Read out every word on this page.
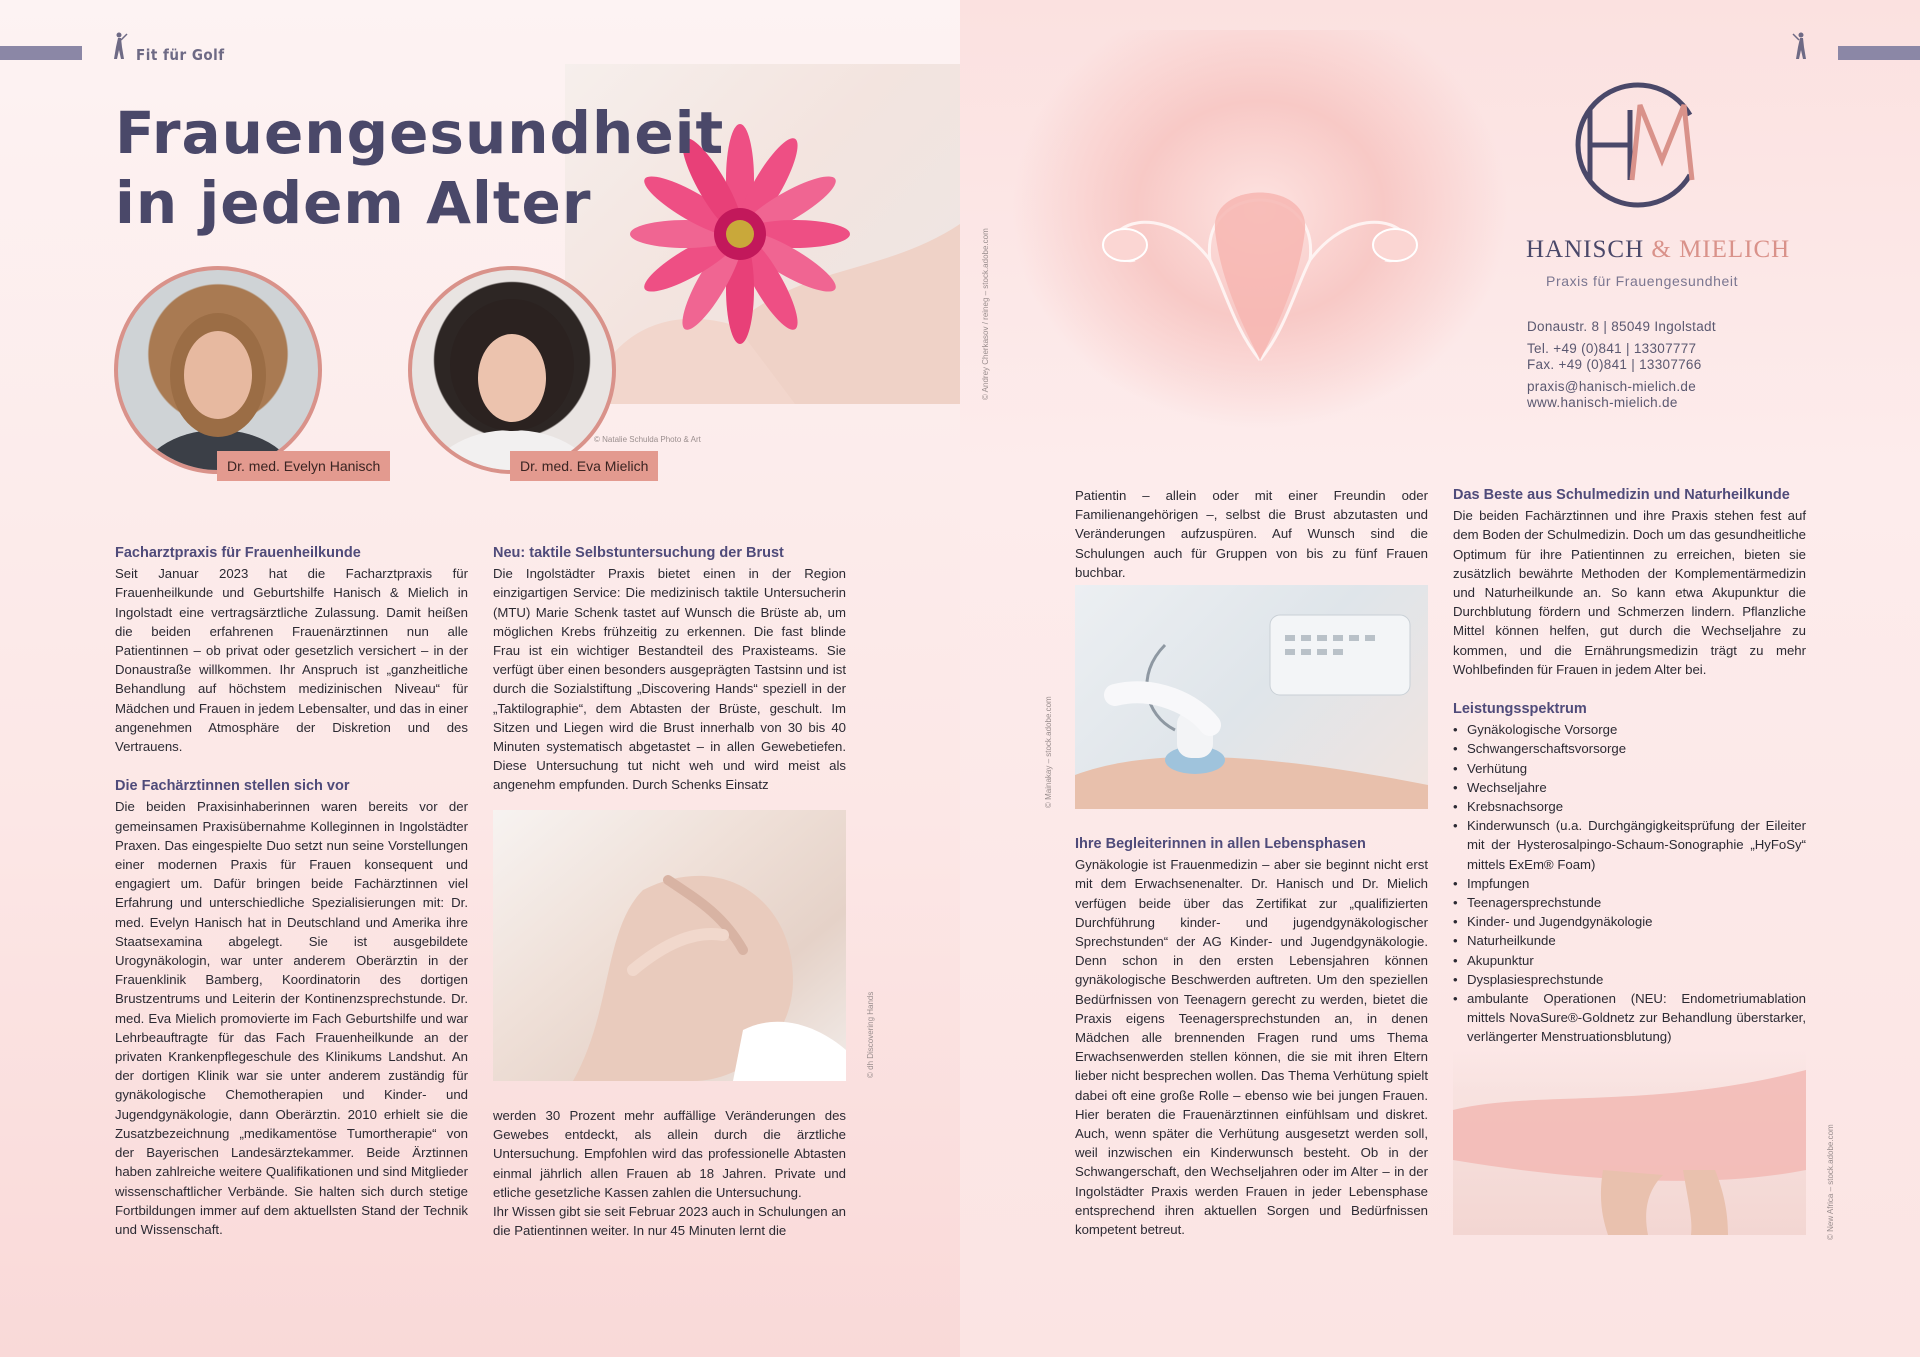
Fit für Golf
Frauengesundheit
in jedem Alter
Dr. med. Evelyn Hanisch	Dr. med. Eva Mielich
© Natalie Schulda Photo & Art
© Andrey Cherkasov / reineg – stock.adobe.com	HANISCH & MIELICH
Praxis für Frauengesundheit
Donaustr. 8 | 85049 Ingolstadt
Tel. +49 (0)841 | 13307777
Fax. +49 (0)841 | 13307766
praxis@hanisch-mielich.de
www.hanisch-mielich.de
Facharztpraxis für Frauenheilkunde

Seit Januar 2023 hat die Facharztpraxis für Frauenheilkunde und Geburtshilfe Hanisch & Mielich in Ingolstadt eine vertragsärztliche Zulassung. Damit heißen die beiden erfahrenen Frauenärztinnen nun alle Patientinnen – ob privat oder gesetzlich versichert – in der Donaustraße willkommen. Ihr Anspruch ist „ganzheitliche Behandlung auf höchstem medizinischen Niveau“ für Mädchen und Frauen in jedem Lebensalter, und das in einer angenehmen Atmosphäre der Diskretion und des Vertrauens.

Die Fachärztinnen stellen sich vor

Die beiden Praxisinhaberinnen waren bereits vor der gemeinsamen Praxisübernahme Kolleginnen in Ingolstädter Praxen. Das eingespielte Duo setzt nun seine Vorstellungen einer modernen Praxis für Frauen konsequent und engagiert um. Dafür bringen beide Fachärztinnen viel Erfahrung und unterschiedliche Spezialisierungen mit: Dr. med. Evelyn Hanisch hat in Deutschland und Amerika ihre Staatsexamina abgelegt. Sie ist ausgebildete Urogynäkologin, war unter anderem Oberärztin in der Frauenklinik Bamberg, Koordinatorin des dortigen Brustzentrums und Leiterin der Kontinenzsprechstunde. Dr. med. Eva Mielich promovierte im Fach Geburtshilfe und war Lehrbeauftragte für das Fach Frauenheilkunde an der privaten Krankenpflegeschule des Klinikums Landshut. An der dortigen Klinik war sie unter anderem zuständig für gynäkologische Chemotherapien und Kinder- und Jugendgynäkologie, dann Oberärztin. 2010 erhielt sie die Zusatzbezeichnung „medikamentöse Tumortherapie“ von der Bayerischen Landesärztekammer. Beide Ärztinnen haben zahlreiche weitere Qualifikationen und sind Mitglieder wissenschaftlicher Verbände. Sie halten sich durch stetige Fortbildungen immer auf dem aktuellsten Stand der Technik und Wissenschaft.

Neu: taktile Selbstuntersuchung der Brust

Die Ingolstädter Praxis bietet einen in der Region einzigartigen Service: Die medizinisch taktile Untersucherin (MTU) Marie Schenk tastet auf Wunsch die Brüste ab, um möglichen Krebs frühzeitig zu erkennen. Die fast blinde Frau ist ein wichtiger Bestandteil des Praxisteams. Sie verfügt über einen besonders ausgeprägten Tastsinn und ist durch die Sozialstiftung „Discovering Hands“ speziell in der „Taktilographie“, dem Abtasten der Brüste, geschult. Im Sitzen und Liegen wird die Brust innerhalb von 30 bis 40 Minuten systematisch abgetastet – in allen Gewebetiefen. Diese Untersuchung tut nicht weh und wird meist als angenehm empfunden. Durch Schenks Einsatz

© dh Discovering Hands

werden 30 Prozent mehr auffällige Veränderungen des Gewebes entdeckt, als allein durch die ärztliche Untersuchung. Empfohlen wird das professionelle Abtasten einmal jährlich allen Frauen ab 18 Jahren. Private und etliche gesetzliche Kassen zahlen die Untersuchung.

Ihr Wissen gibt sie seit Februar 2023 auch in Schulungen an die Patientinnen weiter. In nur 45 Minuten lernt die

Patientin – allein oder mit einer Freundin oder Familienangehörigen –, selbst die Brust abzutasten und Veränderungen aufzuspüren. Auf Wunsch sind die Schulungen auch für Gruppen von bis zu fünf Frauen buchbar.

© Mainakay – stock.adobe.com
Ihre Begleiterinnen in allen Lebensphasen

Gynäkologie ist Frauenmedizin – aber sie beginnt nicht erst mit dem Erwachsenenalter. Dr. Hanisch und Dr. Mielich verfügen beide über das Zertifikat zur „qualifizierten Durchführung kinder- und jugendgynäkologischer Sprechstunden“ der AG Kinder- und Jugendgynäkologie. Denn schon in den ersten Lebensjahren können gynäkologische Beschwerden auftreten. Um den speziellen Bedürfnissen von Teenagern gerecht zu werden, bietet die Praxis eigens Teenagersprechstunden an, in denen Mädchen alle brennenden Fragen rund ums Thema Erwachsenwerden stellen können, die sie mit ihren Eltern lieber nicht besprechen wollen. Das Thema Verhütung spielt dabei oft eine große Rolle – ebenso wie bei jungen Frauen. Hier beraten die Frauenärztinnen einfühlsam und diskret. Auch, wenn später die Verhütung ausgesetzt werden soll, weil inzwischen ein Kinderwunsch besteht. Ob in der Schwangerschaft, den Wechseljahren oder im Alter – in der Ingolstädter Praxis werden Frauen in jeder Lebensphase entsprechend ihren aktuellen Sorgen und Bedürfnissen kompetent betreut.

Das Beste aus Schulmedizin und Naturheilkunde

Die beiden Fachärztinnen und ihre Praxis stehen fest auf dem Boden der Schulmedizin. Doch um das gesundheitliche Optimum für ihre Patientinnen zu erreichen, bieten sie zusätzlich bewährte Methoden der Komplementärmedizin und Naturheilkunde an. So kann etwa Akupunktur die Durchblutung fördern und Schmerzen lindern. Pflanzliche Mittel können helfen, gut durch die Wechseljahre zu kommen, und die Ernährungsmedizin trägt zu mehr Wohlbefinden für Frauen in jedem Alter bei.

Leistungsspektrum
• Gynäkologische Vorsorge
• Schwangerschaftsvorsorge
• Verhütung
• Wechseljahre
• Krebsnachsorge
• Kinderwunsch (u.a. Durchgängigkeitsprüfung der Eileiter mit der Hysterosalpingo-Schaum-Sonographie „HyFoSy“ mittels ExEm® Foam)
• Impfungen
• Teenagersprechstunde
• Kinder- und Jugendgynäkologie
• Naturheilkunde
• Akupunktur
• Dysplasiesprechstunde
• ambulante Operationen (NEU: Endometriumablation mittels NovaSure®-Goldnetz zur Behandlung überstarker, verlängerter Menstruationsblutung)
© New Africa – stock.adobe.com
